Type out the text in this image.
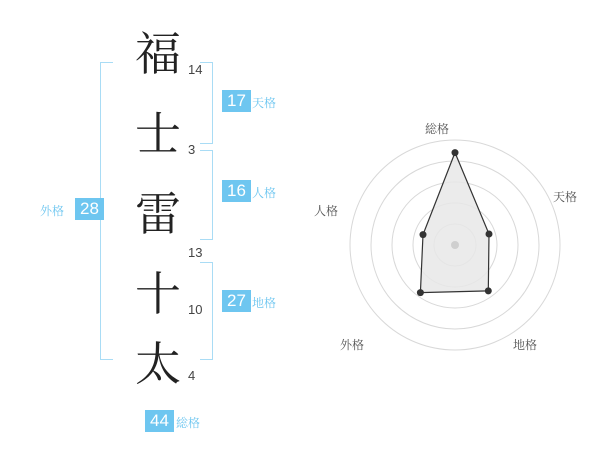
福 14
士 3
雷
13
十 10
太 4
28
外格
17 天格
16 人格
27 地格
44 総格
総格
天格
地格
外格
人格
